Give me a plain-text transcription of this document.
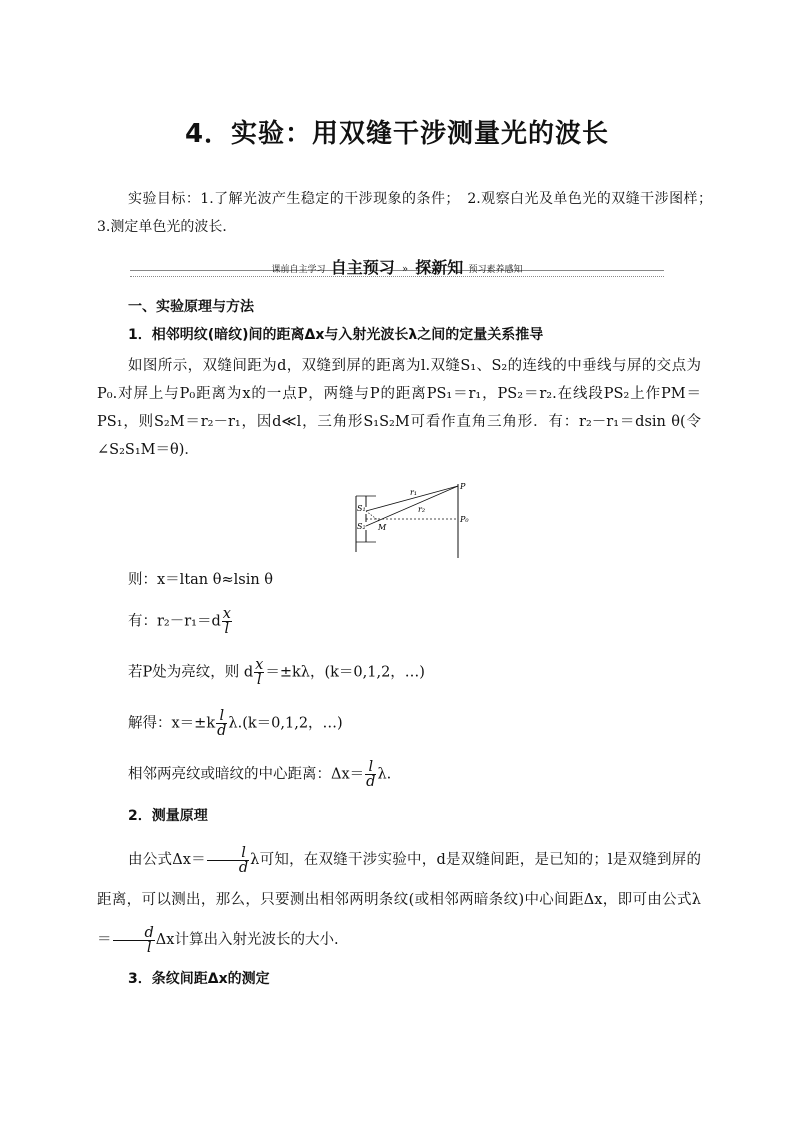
4．实验：用双缝干涉测量光的波长
实验目标：1.了解光波产生稳定的干涉现象的条件；　2.观察白光及单色光的双缝干涉图样；　3.测定单色光的波长．
课前自主学习 自主预习 » 探新知 预习素养感知
一、实验原理与方法
1．相邻明纹(暗纹)间的距离Δx与入射光波长λ之间的定量关系推导
如图所示，双缝间距为d，双缝到屏的距离为l.双缝S₁、S₂的连线的中垂线与屏的交点为P₀.对屏上与P₀距离为x的一点P，两缝与P的距离PS₁＝r₁，PS₂＝r₂.在线段PS₂上作PM＝PS₁，则S₂M＝r₂－r₁，因d≪l，三角形S₁S₂M可看作直角三角形．有：r₂－r₁＝dsin θ(令∠S₂S₁M＝θ)．
P
P₀
S₁
S₂ M
r₁
r₂
则：x＝ltan θ≈lsin θ
有：$r_2-r_1=d \frac{x}{l}$
若P处为亮纹，则 d $\frac{x}{l} =\pm k\lambda$，(k＝0,1,2，…)
解得：$x=\pm k \frac{l}{d} \lambda.(k=0,1,2$，…)
相邻两亮纹或暗纹的中心距离：$\Delta x= \frac{l}{d} \lambda$.
2．测量原理
由公式$\Delta x= \frac{l}{d}$ λ可知，在双缝干涉实验中，d是双缝间距，是已知的；l是双缝到屏的距离，可以测出，那么，只要测出相邻两明条纹(或相邻两暗条纹)中心间距Δx，即可由公式$\lambda= \frac{d}{l}$ Δx计算出入射光波长的大小.
3．条纹间距Δx的测定
